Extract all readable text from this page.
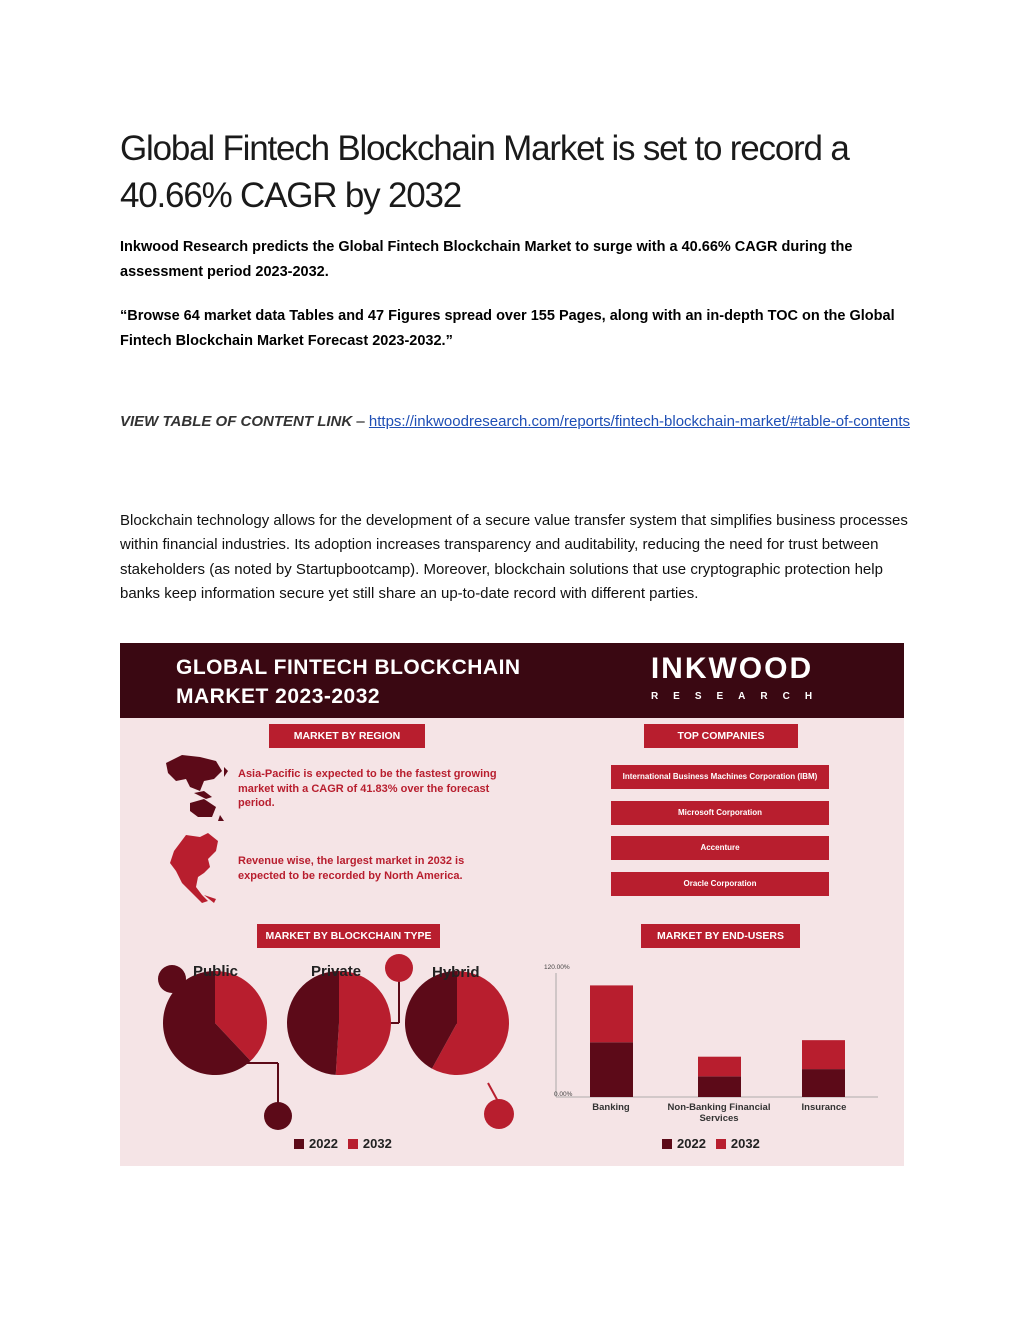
Global Fintech Blockchain Market is set to record a 40.66% CAGR by 2032

Inkwood Research predicts the Global Fintech Blockchain Market to surge with a 40.66% CAGR during the assessment period 2023-2032.

“Browse 64 market data Tables and 47 Figures spread over 155 Pages, along with an in-depth TOC on the Global Fintech Blockchain Market Forecast 2023-2032.”

VIEW TABLE OF CONTENT LINK – https://inkwoodresearch.com/reports/fintech-blockchain-market/#table-of-contents

Blockchain technology allows for the development of a secure value transfer system that simplifies business processes within financial industries. Its adoption increases transparency and auditability, reducing the need for trust between stakeholders (as noted by Startupbootcamp). Moreover, blockchain solutions that use cryptographic protection help banks keep information secure yet still share an up-to-date record with different parties.

GLOBAL FINTECH BLOCKCHAIN MARKET 2023-2032
INKWOOD
RESEARCH
MARKET BY REGION	TOP COMPANIES

Asia-Pacific is expected to be the fastest growing market with a CAGR of 41.83% over the forecast period.

Revenue wise, the largest market in 2032 is expected to be recorded by North America.

International Business Machines Corporation (IBM)
Microsoft Corporation
Accenture
Oracle Corporation
MARKET BY BLOCKCHAIN TYPE	MARKET BY END-USERS
Public	Private	Hybrid
2022 2032
120.00%
0.00%
Banking	Non-Banking Financial Services
Insurance
2022 2032
